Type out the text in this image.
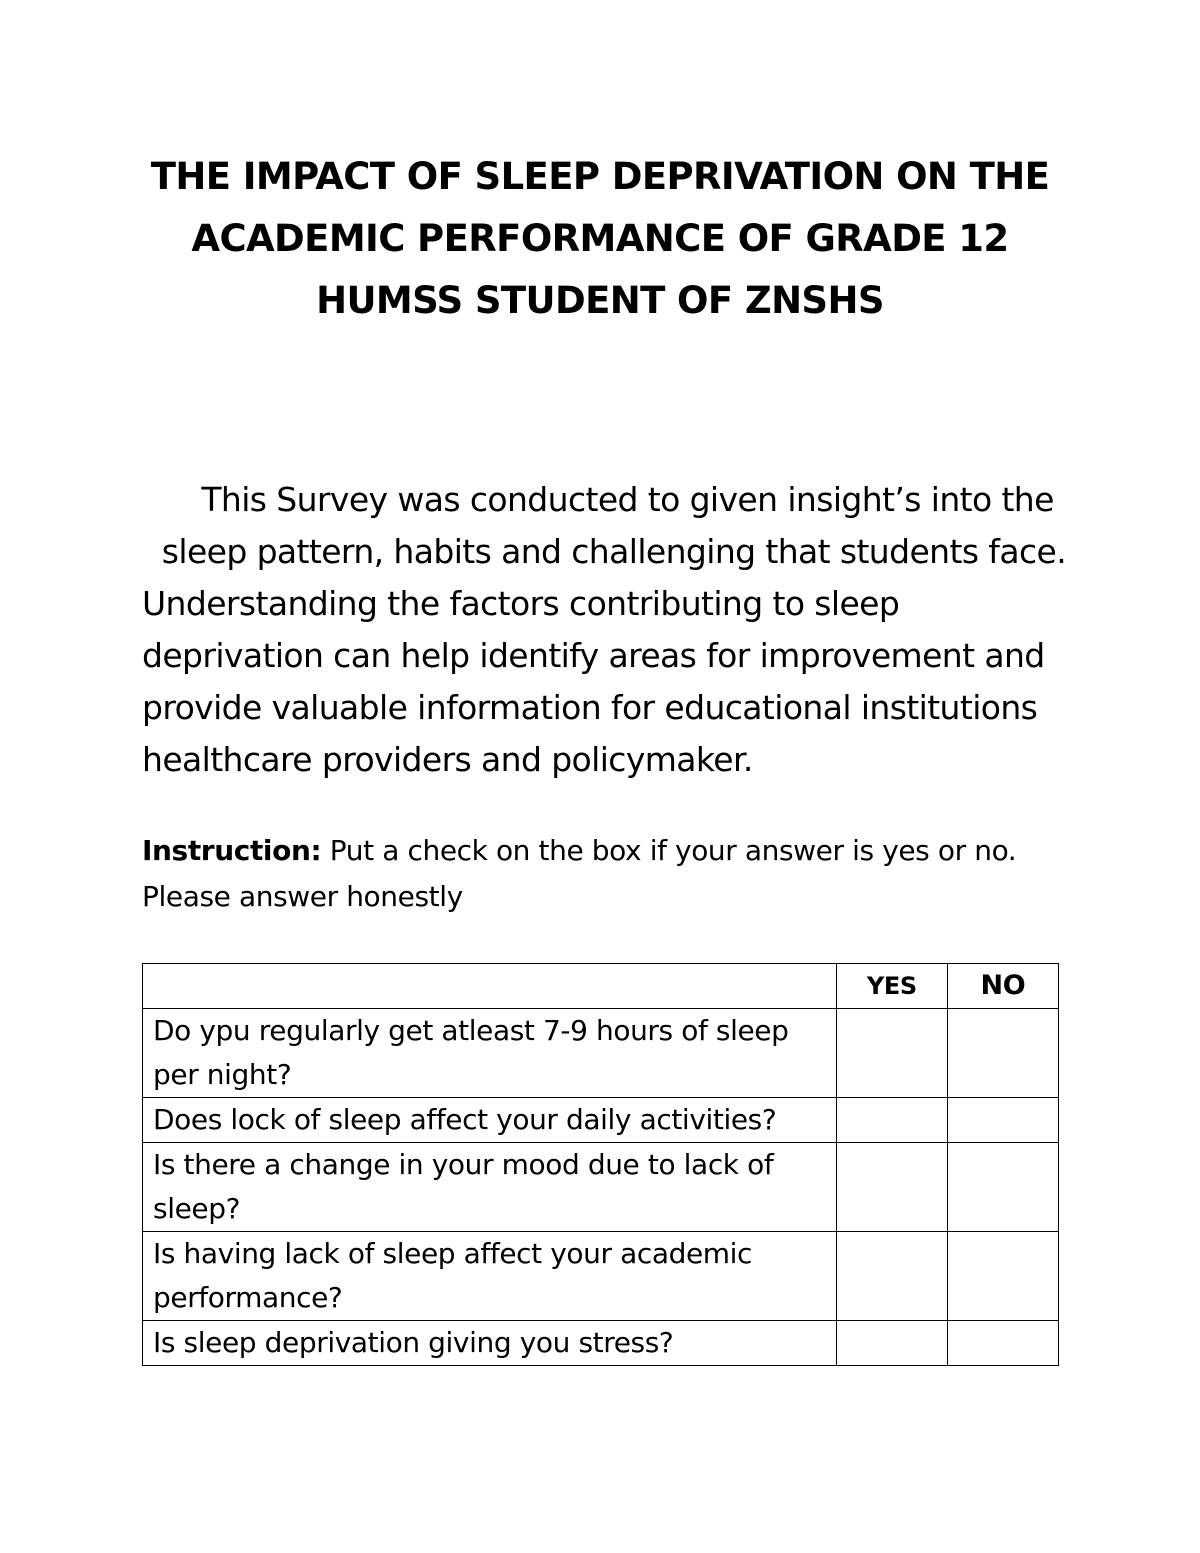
THE IMPACT OF SLEEP DEPRIVATION ON THE
ACADEMIC PERFORMANCE OF GRADE 12
HUMSS STUDENT OF ZNSHS
This Survey was conducted to given insight’s into the
sleep pattern, habits and challenging that students face.
Understanding the factors contributing to sleep
deprivation can help identify areas for improvement and
provide valuable information for educational institutions
healthcare providers and policymaker.
Instruction: Put a check on the box if your answer is yes or no.
Please answer honestly
	YES	NO
Do ypu regularly get atleast 7-9 hours of sleep per night?	

Does lock of sleep affect your daily activities?	

Is there a change in your mood due to lack of sleep?	

Is having lack of sleep affect your academic performance?	

Is sleep deprivation giving you stress?	
